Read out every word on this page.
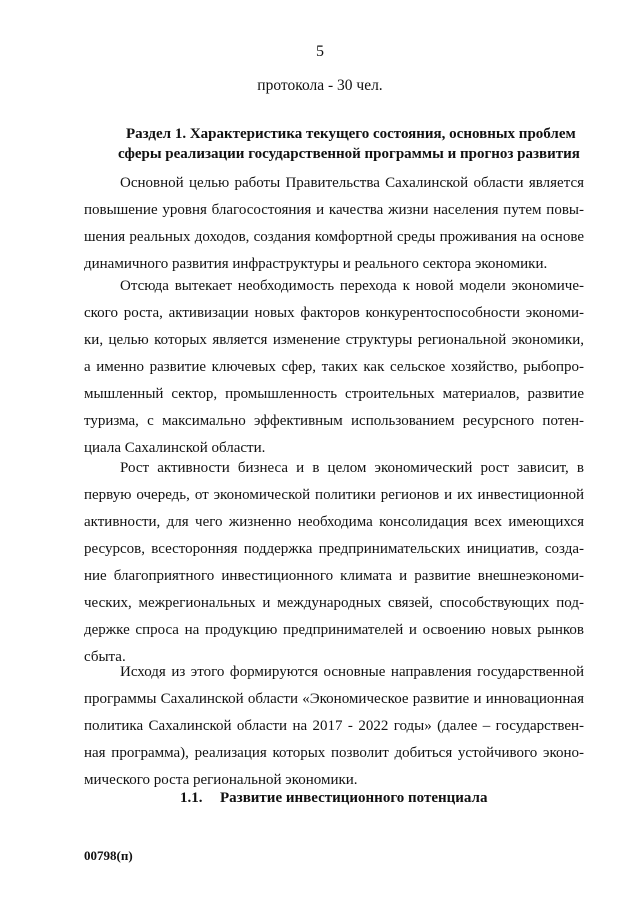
5
протокола - 30 чел.
Раздел 1. Характеристика текущего состояния, основных проблем
сферы реализации государственной программы и прогноз развития
Основной целью работы Правительства Сахалинской области является
повышение уровня благосостояния и качества жизни населения путем повы-
шения реальных доходов, создания комфортной среды проживания на основе
динамичного развития инфраструктуры и реального сектора экономики.
Отсюда вытекает необходимость перехода к новой модели экономиче-
ского роста, активизации новых факторов конкурентоспособности экономи-
ки, целью которых является изменение структуры региональной экономики,
а именно развитие ключевых сфер, таких как сельское хозяйство, рыбопро-
мышленный сектор, промышленность строительных материалов, развитие
туризма, с максимально эффективным использованием ресурсного потен-
циала Сахалинской области.
Рост активности бизнеса и в целом экономический рост зависит, в
первую очередь, от экономической политики регионов и их инвестиционной
активности, для чего жизненно необходима консолидация всех имеющихся
ресурсов, всесторонняя поддержка предпринимательских инициатив, созда-
ние благоприятного инвестиционного климата и развитие внешнеэкономи-
ческих, межрегиональных и международных связей, способствующих под-
держке спроса на продукцию предпринимателей и освоению новых рынков
сбыта.
Исходя из этого формируются основные направления государственной
программы Сахалинской области «Экономическое развитие и инновационная
политика Сахалинской области на 2017 - 2022 годы» (далее – государствен-
ная программа), реализация которых позволит добиться устойчивого эконо-
мического роста региональной экономики.
1.1. Развитие инвестиционного потенциала
00798(п)
